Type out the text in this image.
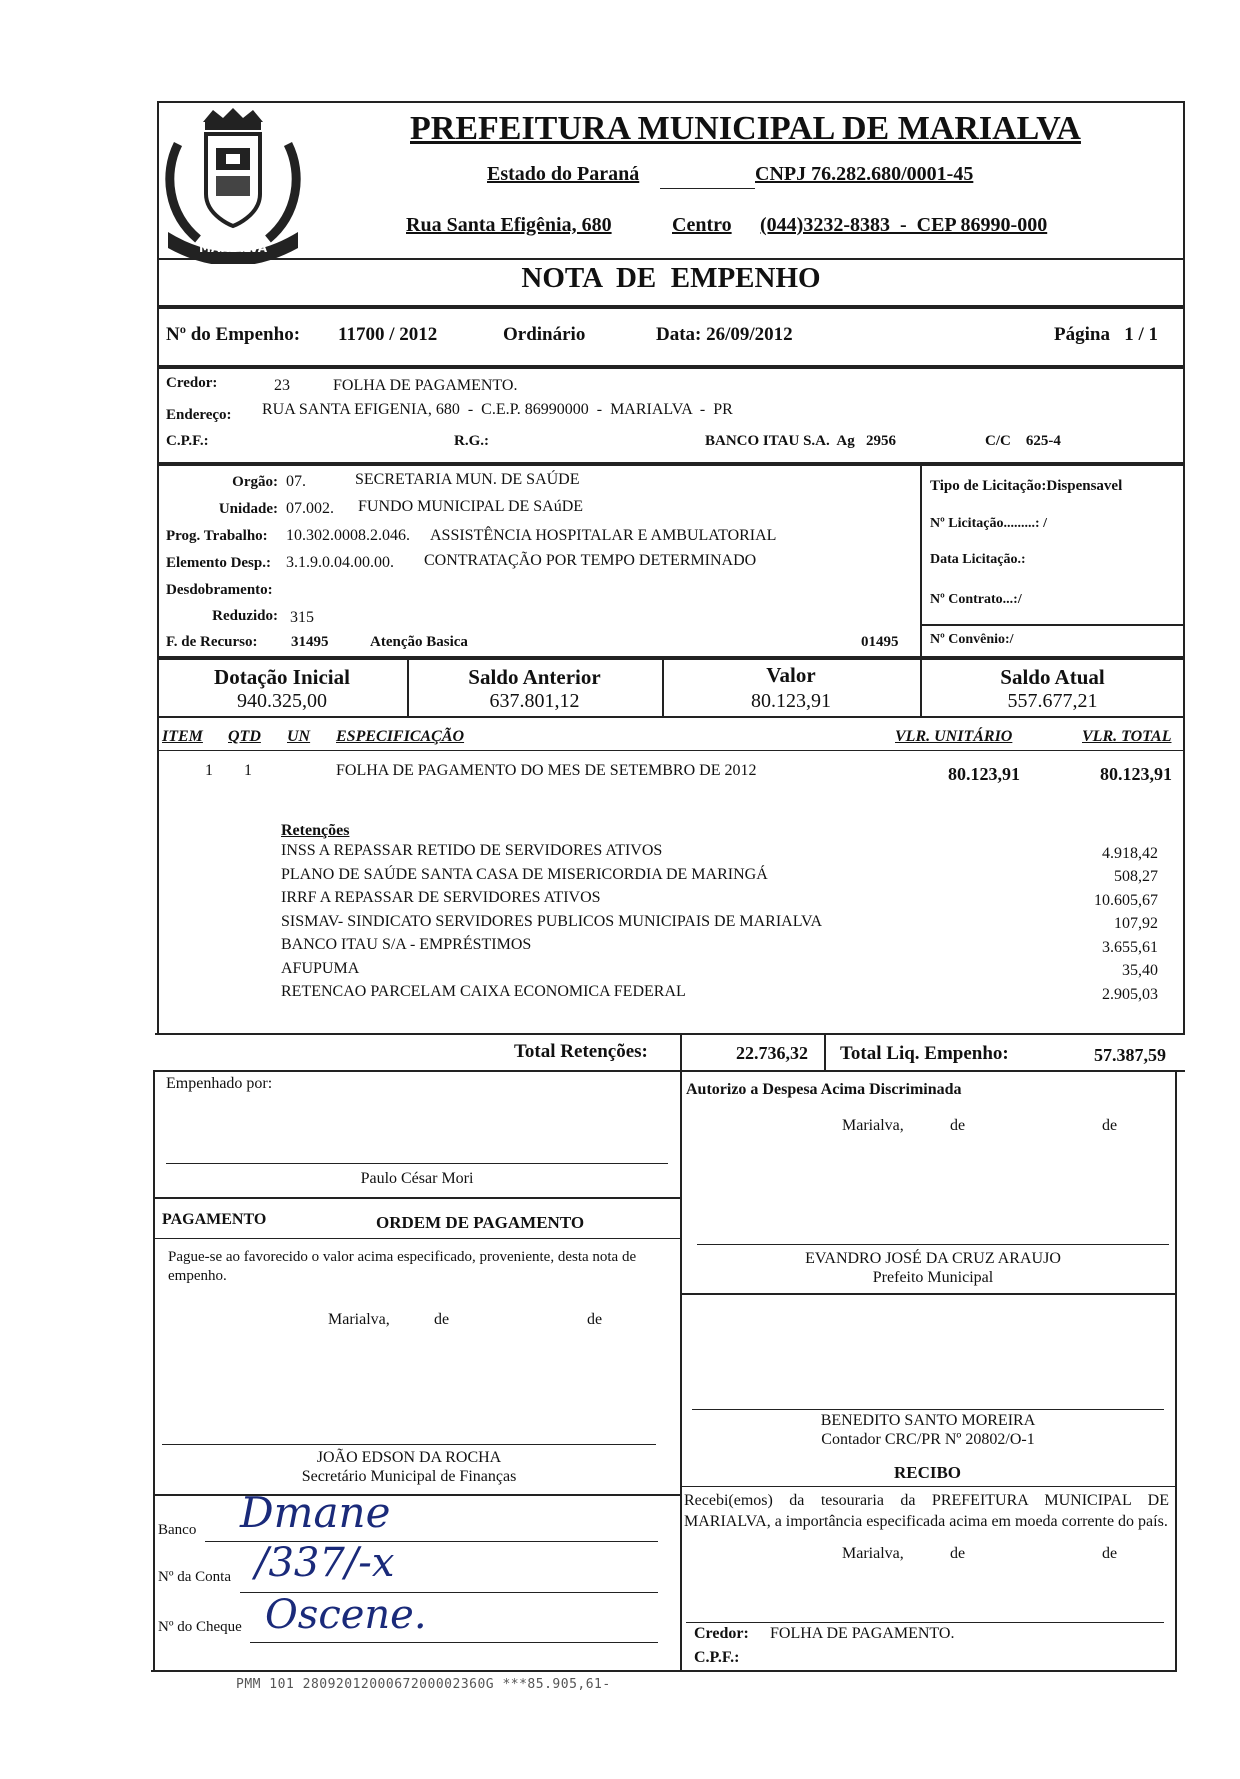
MARIALVA
PREFEITURA MUNICIPAL DE MARIALVA
Estado do Paraná	CNPJ 76.282.680/0001-45
Rua Santa Efigênia, 680	Centro (044)3232-8383  -  CEP 86990-000
NOTA  DE  EMPENHO
Nº do Empenho: 11700 / 2012	Ordinário	Data: 26/09/2012	Página   1 / 1
Credor:	23	FOLHA DE PAGAMENTO.
Endereço: RUA SANTA EFIGENIA, 680  -  C.E.P. 86990000  -  MARIALVA  -  PR
C.P.F.:	R.G.:	BANCO ITAU S.A.  Ag   2956	C/C    625-4
Orgão: 07.	SECRETARIA MUN. DE SAÚDE
Unidade: 07.002. FUNDO MUNICIPAL DE SAúDE
Prog. Trabalho: 10.302.0008.2.046. ASSISTÊNCIA HOSPITALAR E AMBULATORIAL
Elemento Desp.: 3.1.9.0.04.00.00. CONTRATAÇÃO POR TEMPO DETERMINADO
Desdobramento:
Reduzido: 315
F. de Recurso: 31495	Atenção Basica	01495
Tipo de Licitação:Dispensavel
Nº Licitação.........: /
Data Licitação.:
Nº Contrato...:/
Nº Convênio:/
Dotação Inicial
940.325,00
Saldo Anterior
637.801,12
Valor
80.123,91
Saldo Atual
557.677,21
ITEM QTD UN ESPECIFICAÇÃO	VLR. UNITÁRIO	VLR. TOTAL
1 1	FOLHA DE PAGAMENTO DO MES DE SETEMBRO DE 2012	80.123,91	80.123,91
Retenções
INSS A REPASSAR RETIDO DE SERVIDORES ATIVOS	4.918,42
PLANO DE SAÚDE SANTA CASA DE MISERICORDIA DE MARINGÁ	508,27
IRRF A REPASSAR DE SERVIDORES ATIVOS	10.605,67
SISMAV- SINDICATO SERVIDORES PUBLICOS MUNICIPAIS DE MARIALVA	107,92
BANCO ITAU S/A - EMPRÉSTIMOS	3.655,61
AFUPUMA	35,40
RETENCAO PARCELAM CAIXA ECONOMICA FEDERAL	2.905,03
Total Retenções:	22.736,32 Total Liq. Empenho:	57.387,59
Empenhado por:
Paulo César Mori
Autorizo a Despesa Acima Discriminada
Marialva,	de	de
PAGAMENTO	ORDEM DE PAGAMENTO
Pague-se ao favorecido o valor acima especificado, proveniente, desta nota de empenho.
Marialva,	de	de
EVANDRO JOSÉ DA CRUZ ARAUJO
Prefeito Municipal
BENEDITO SANTO MOREIRA
Contador CRC/PR Nº 20802/O-1
JOÃO EDSON DA ROCHA
Secretário Municipal de Finanças	RECIBO
Recebi(emos) da tesouraria da PREFEITURA MUNICIPAL DE MARIALVA, a importância especificada acima em moeda corrente do país.
Marialva,	de	de
Credor: FOLHA DE PAGAMENTO.
C.P.F.:
Banco Dmane
Nº da Conta /337/-x
Nº do Cheque Oscene.
PMM 101 2809201200067200002360G ***85.905,61-
